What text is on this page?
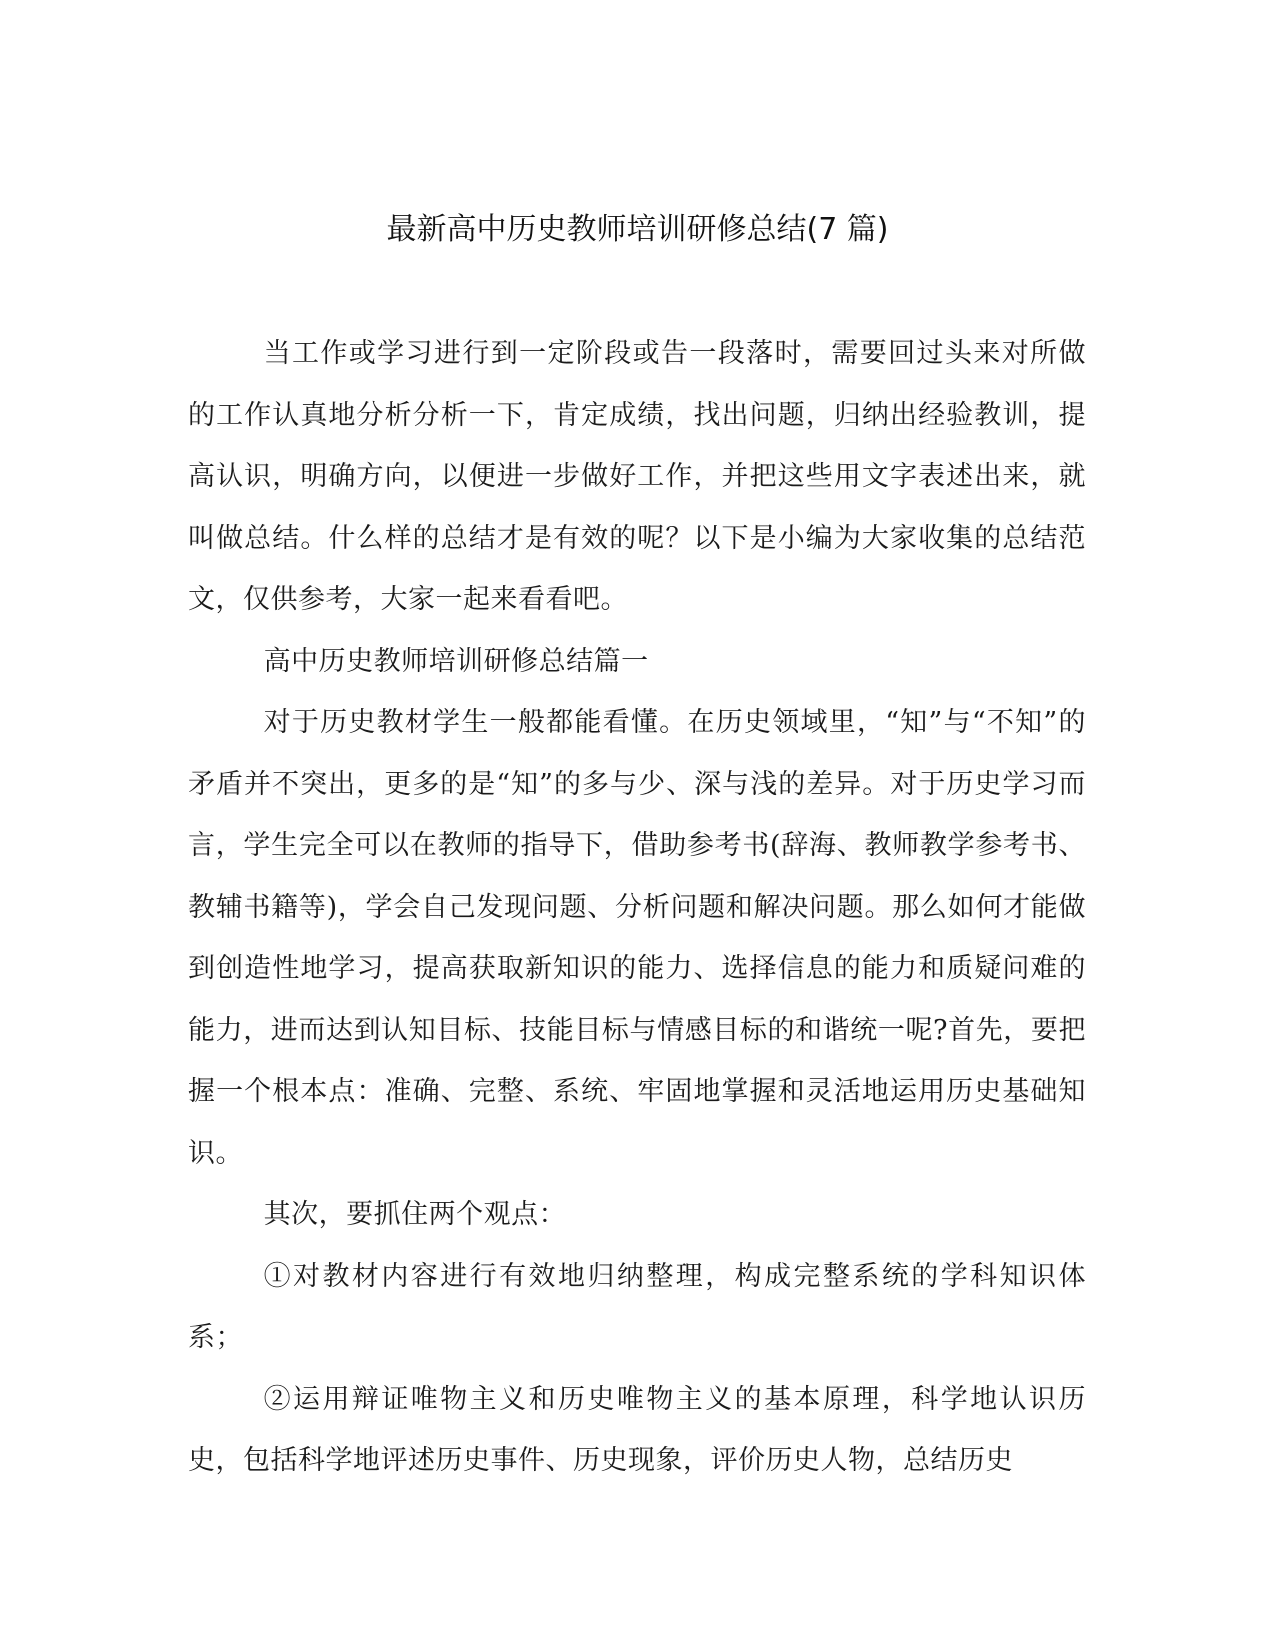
最新高中历史教师培训研修总结(7 篇)

当工作或学习进行到一定阶段或告一段落时，需要回过头来对所做的工作认真地分析分析一下，肯定成绩，找出问题，归纳出经验教训，提高认识，明确方向，以便进一步做好工作，并把这些用文字表述出来，就叫做总结。什么样的总结才是有效的呢？以下是小编为大家收集的总结范文，仅供参考，大家一起来看看吧。

高中历史教师培训研修总结篇一

对于历史教材学生一般都能看懂。在历史领域里，“知”与“不知”的矛盾并不突出，更多的是“知”的多与少、深与浅的差异。对于历史学习而言，学生完全可以在教师的指导下，借助参考书(辞海、教师教学参考书、教辅书籍等)，学会自己发现问题、分析问题和解决问题。那么如何才能做到创造性地学习，提高获取新知识的能力、选择信息的能力和质疑问难的能力，进而达到认知目标、技能目标与情感目标的和谐统一呢?首先，要把握一个根本点：准确、完整、系统、牢固地掌握和灵活地运用历史基础知识。

其次，要抓住两个观点：

①对教材内容进行有效地归纳整理，构成完整系统的学科知识体系；

②运用辩证唯物主义和历史唯物主义的基本原理，科学地认识历史，包括科学地评述历史事件、历史现象，评价历史人物，总结历史
